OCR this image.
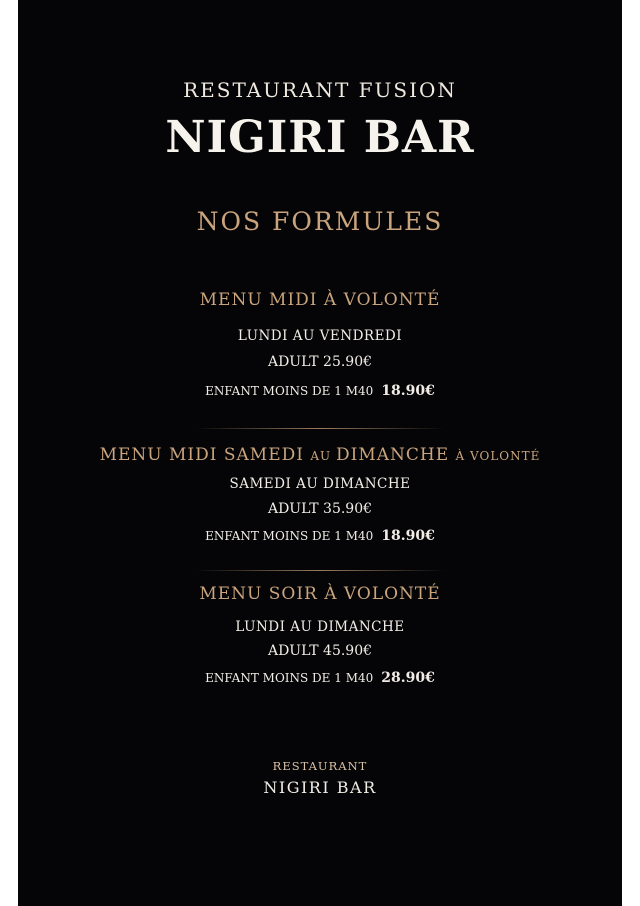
RESTAURANT FUSION
NIGIRI BAR
NOS FORMULES
MENU MIDI À VOLONTÉ
LUNDI AU VENDREDI
ADULT 25.90€
ENFANT MOINS DE 1 M40 18.90€
MENU MIDI SAMEDI AU DIMANCHE À VOLONTÉ
SAMEDI AU DIMANCHE
ADULT 35.90€
ENFANT MOINS DE 1 M40 18.90€
MENU SOIR À VOLONTÉ
LUNDI AU DIMANCHE
ADULT 45.90€
ENFANT MOINS DE 1 M40 28.90€
RESTAURANT
NIGIRI BAR
